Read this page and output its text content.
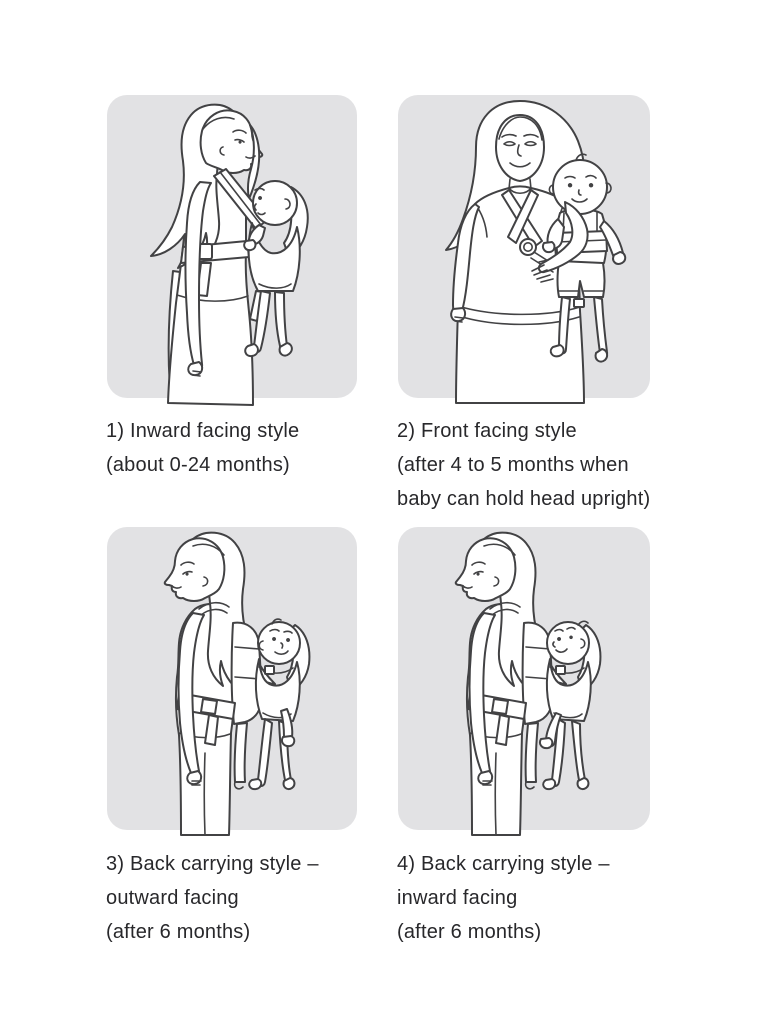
1) Inward facing style
(about 0-24 months)
2) Front facing style
(after 4 to 5 months when
baby can hold head upright)
3) Back carrying style –
outward facing
(after 6 months)
4) Back carrying style –
inward facing
(after 6 months)
